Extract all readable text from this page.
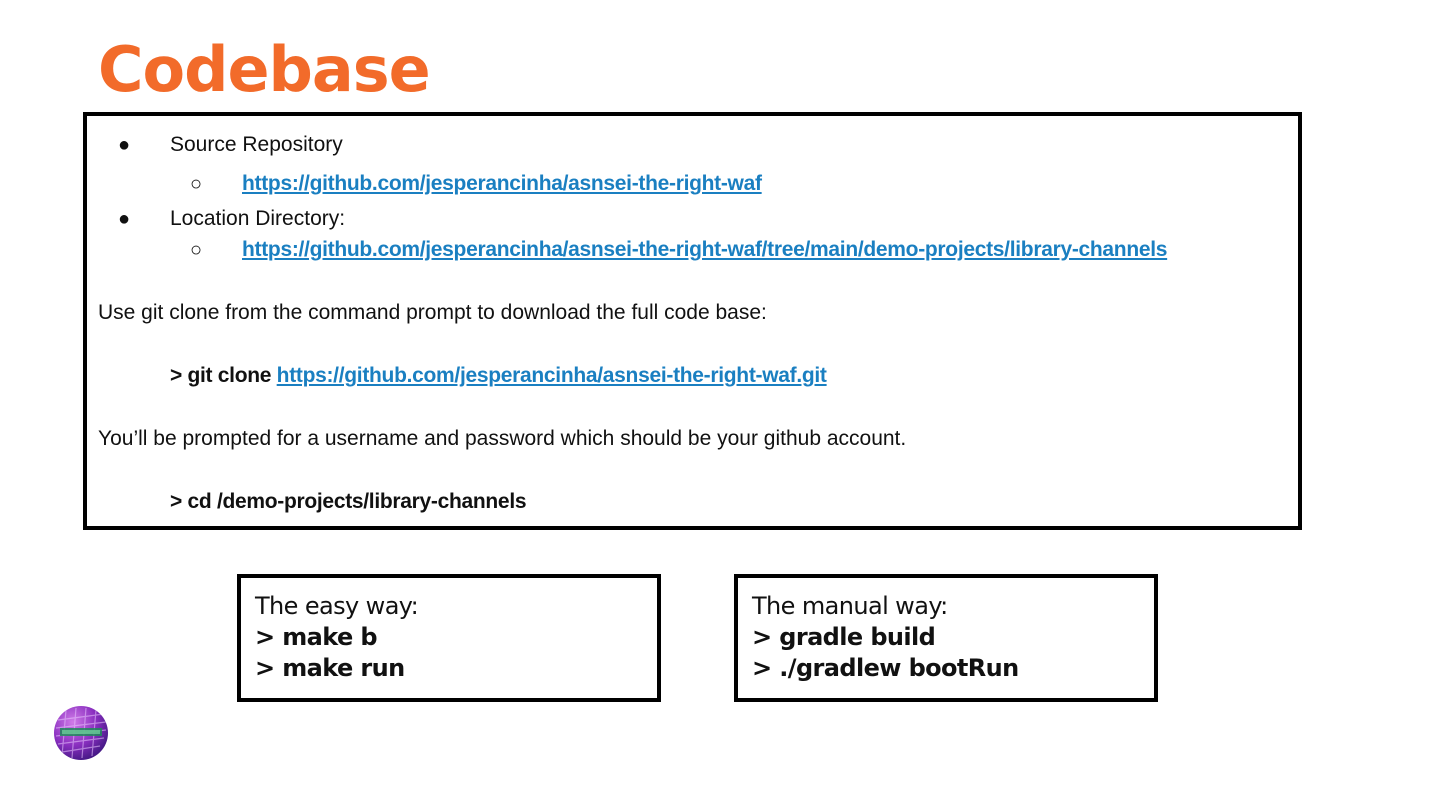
Codebase
● Source Repository
○ https://github.com/jesperancinha/asnsei-the-right-waf
● Location Directory:
○ https://github.com/jesperancinha/asnsei-the-right-waf/tree/main/demo-projects/library-channels
Use git clone from the command prompt to download the full code base:
> git clone https://github.com/jesperancinha/asnsei-the-right-waf.git
You’ll be prompted for a username and password which should be your github account.
> cd /demo-projects/library-channels
The easy way:
> make b
> make run
The manual way:
> gradle build
> ./gradlew bootRun
